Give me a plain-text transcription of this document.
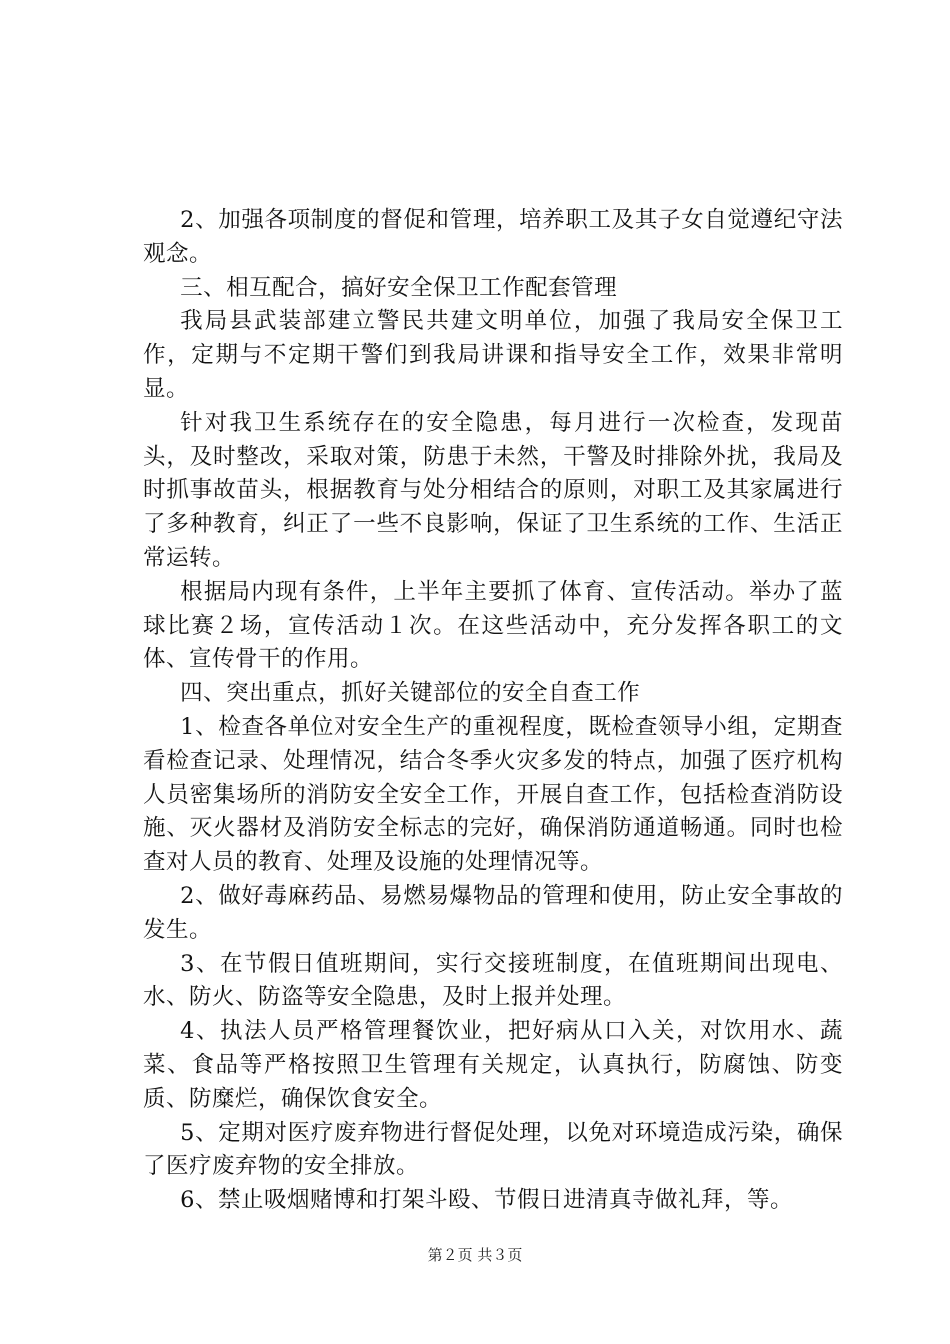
2、加强各项制度的督促和管理，培养职工及其子女自觉遵纪守法观念。

三、相互配合，搞好安全保卫工作配套管理

我局县武装部建立警民共建文明单位，加强了我局安全保卫工作，定期与不定期干警们到我局讲课和指导安全工作，效果非常明显。

针对我卫生系统存在的安全隐患，每月进行一次检查，发现苗头，及时整改，采取对策，防患于未然，干警及时排除外扰，我局及时抓事故苗头，根据教育与处分相结合的原则，对职工及其家属进行了多种教育，纠正了一些不良影响，保证了卫生系统的工作、生活正常运转。

根据局内现有条件，上半年主要抓了体育、宣传活动。举办了蓝球比赛２场，宣传活动１次。在这些活动中，充分发挥各职工的文体、宣传骨干的作用。

四、突出重点，抓好关键部位的安全自查工作

1、检查各单位对安全生产的重视程度，既检查领导小组，定期查看检查记录、处理情况，结合冬季火灾多发的特点，加强了医疗机构人员密集场所的消防安全安全工作，开展自查工作，包括检查消防设施、灭火器材及消防安全标志的完好，确保消防通道畅通。同时也检查对人员的教育、处理及设施的处理情况等。

2、做好毒麻药品、易燃易爆物品的管理和使用，防止安全事故的发生。

3、在节假日值班期间，实行交接班制度，在值班期间出现电、水、防火、防盗等安全隐患，及时上报并处理。

4、执法人员严格管理餐饮业，把好病从口入关，对饮用水、蔬菜、食品等严格按照卫生管理有关规定，认真执行，防腐蚀、防变质、防糜烂，确保饮食安全。

5、定期对医疗废弃物进行督促处理，以免对环境造成污染，确保了医疗废弃物的安全排放。

6、禁止吸烟赌博和打架斗殴、节假日进清真寺做礼拜，等。

第２页 共３页
